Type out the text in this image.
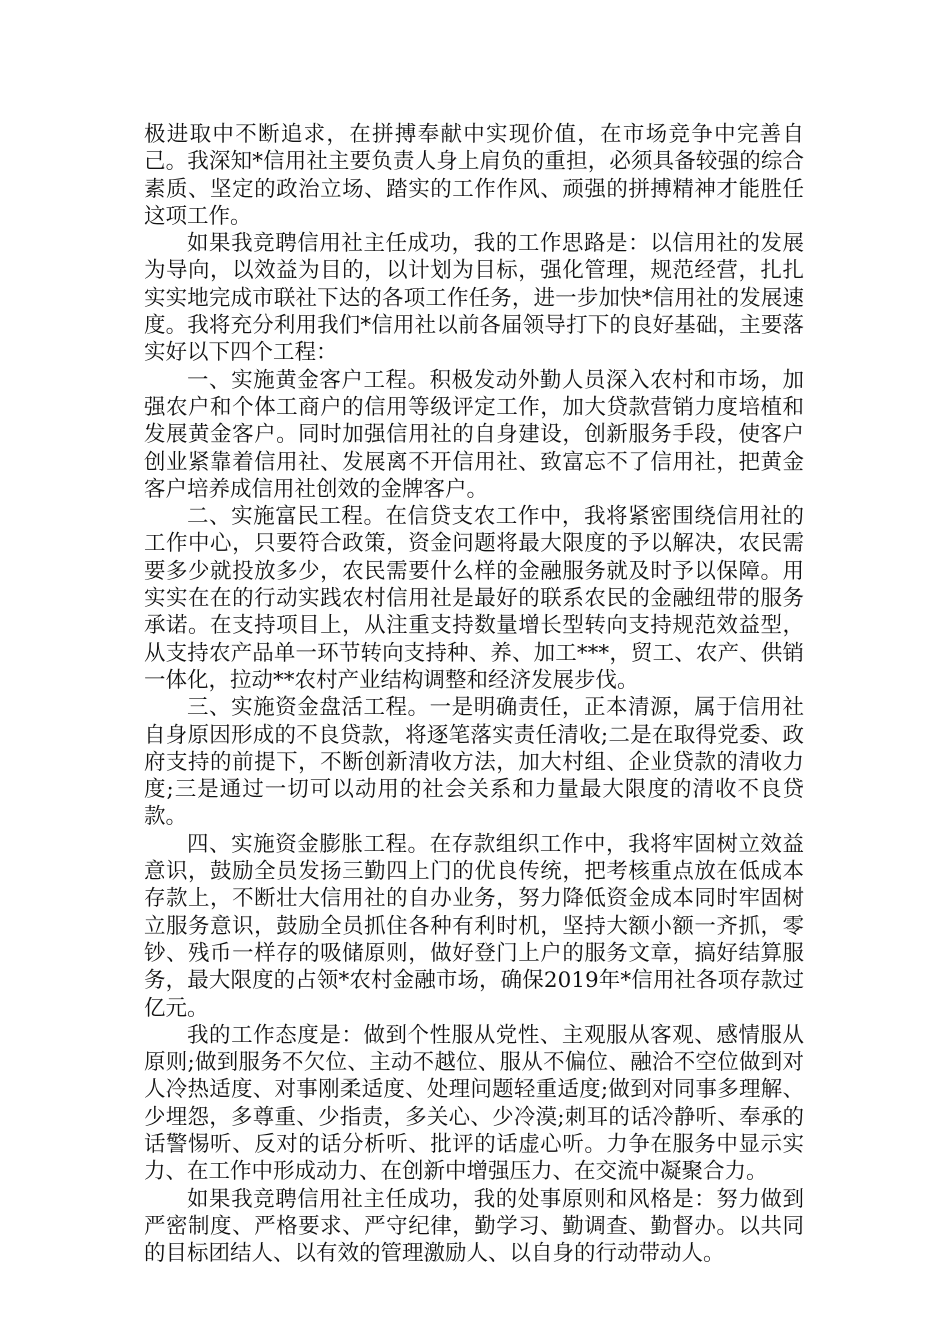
极进取中不断追求，在拼搏奉献中实现价值，在市场竞争中完善自己。我深知*信用社主要负责人身上肩负的重担，必须具备较强的综合素质、坚定的政治立场、踏实的工作作风、顽强的拼搏精神才能胜任这项工作。

如果我竞聘信用社主任成功，我的工作思路是：以信用社的发展为导向，以效益为目的，以计划为目标，强化管理，规范经营，扎扎实实地完成市联社下达的各项工作任务，进一步加快*信用社的发展速度。我将充分利用我们*信用社以前各届领导打下的良好基础，主要落实好以下四个工程：

一、实施黄金客户工程。积极发动外勤人员深入农村和市场，加强农户和个体工商户的信用等级评定工作，加大贷款营销力度培植和发展黄金客户。同时加强信用社的自身建设，创新服务手段，使客户创业紧靠着信用社、发展离不开信用社、致富忘不了信用社，把黄金客户培养成信用社创效的金牌客户。

二、实施富民工程。在信贷支农工作中，我将紧密围绕信用社的工作中心，只要符合政策，资金问题将最大限度的予以解决，农民需要多少就投放多少，农民需要什么样的金融服务就及时予以保障。用实实在在的行动实践农村信用社是最好的联系农民的金融纽带的服务承诺。在支持项目上，从注重支持数量增长型转向支持规范效益型，从支持农产品单一环节转向支持种、养、加工***，贸工、农产、供销一体化，拉动**农村产业结构调整和经济发展步伐。

三、实施资金盘活工程。一是明确责任，正本清源，属于信用社自身原因形成的不良贷款，将逐笔落实责任清收;二是在取得党委、政府支持的前提下，不断创新清收方法，加大村组、企业贷款的清收力度;三是通过一切可以动用的社会关系和力量最大限度的清收不良贷款。

四、实施资金膨胀工程。在存款组织工作中，我将牢固树立效益意识，鼓励全员发扬三勤四上门的优良传统，把考核重点放在低成本存款上，不断壮大信用社的自办业务，努力降低资金成本同时牢固树立服务意识，鼓励全员抓住各种有利时机，坚持大额小额一齐抓，零钞、残币一样存的吸储原则，做好登门上户的服务文章，搞好结算服务，最大限度的占领*农村金融市场，确保2019年*信用社各项存款过亿元。

我的工作态度是：做到个性服从党性、主观服从客观、感情服从原则;做到服务不欠位、主动不越位、服从不偏位、融洽不空位做到对人冷热适度、对事刚柔适度、处理问题轻重适度;做到对同事多理解、少埋怨，多尊重、少指责，多关心、少冷漠;刺耳的话冷静听、奉承的话警惕听、反对的话分析听、批评的话虚心听。力争在服务中显示实力、在工作中形成动力、在创新中增强压力、在交流中凝聚合力。

如果我竞聘信用社主任成功，我的处事原则和风格是：努力做到严密制度、严格要求、严守纪律，勤学习、勤调查、勤督办。以共同的目标团结人、以有效的管理激励人、以自身的行动带动人。
